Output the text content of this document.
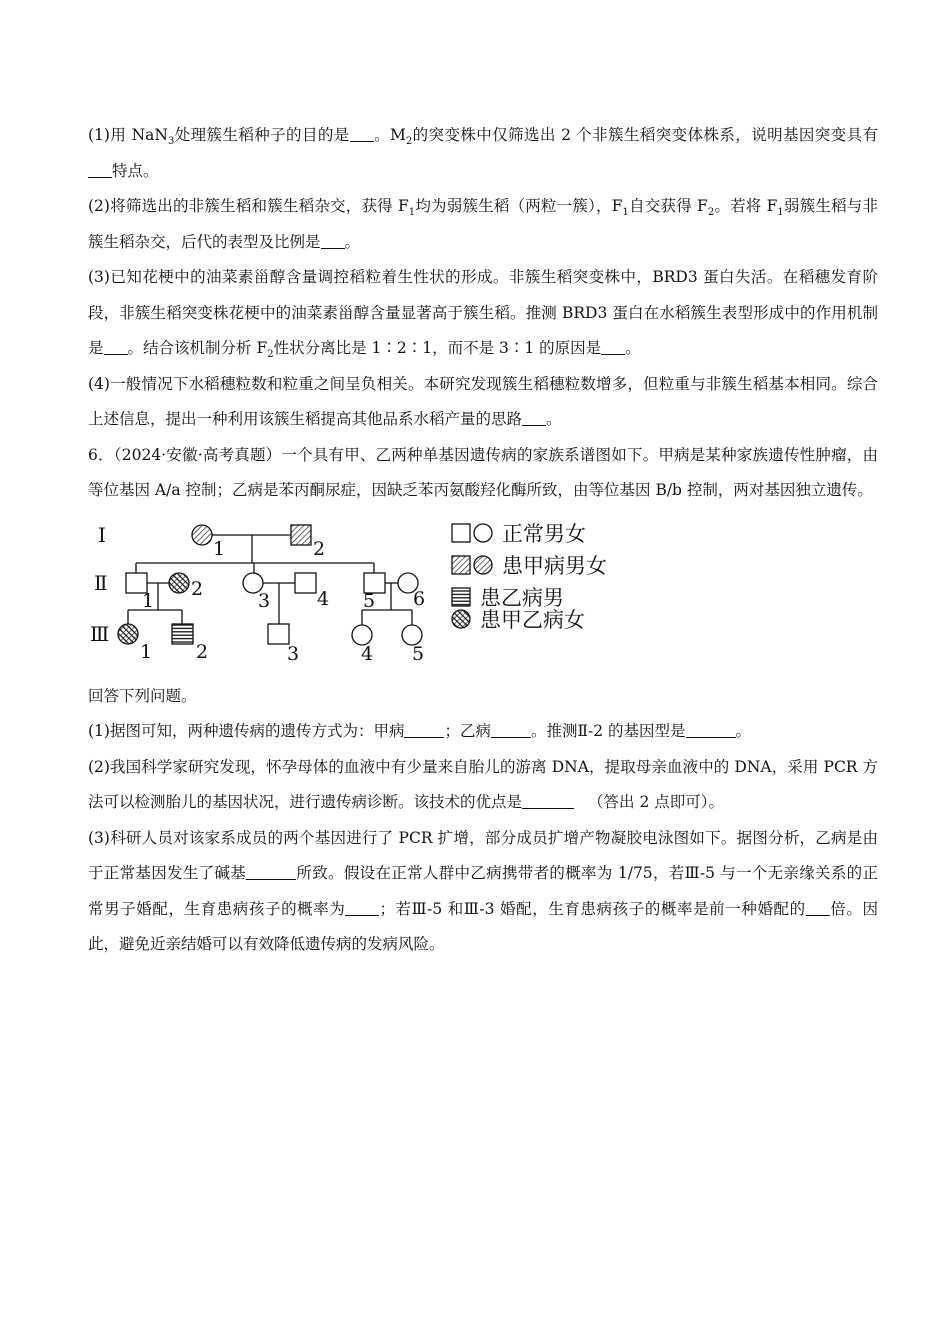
(1)用 NaN$_3$处理簇生稻种子的目的是 。$M_2$的突变株中仅筛选出 2 个非簇生稻突变体株系，说明基因突变具有特点。

(2)将筛选出的非簇生稻和簇生稻杂交，获得 $F_1$均为弱簇生稻（两粒一簇），$F_1$自交获得 $F_2$。若将 $F_1$弱簇生稻与非簇生稻杂交，后代的表型及比例是 。

(3)已知花梗中的油菜素甾醇含量调控稻粒着生性状的形成。非簇生稻突变株中，BRD3 蛋白失活。在稻穗发育阶段，非簇生稻突变株花梗中的油菜素甾醇含量显著高于簇生稻。推测 BRD3 蛋白在水稻簇生表型形成中的作用机制是 。结合该机制分析 $F_2$性状分离比是 1∶2∶1，而不是 3∶1 的原因是 。

(4)一般情况下水稻穗粒数和粒重之间呈负相关。本研究发现簇生稻穗粒数增多，但粒重与非簇生稻基本相同。综合上述信息，提出一种利用该簇生稻提高其他品系水稻产量的思路 。

6．（2024·安徽·高考真题）一个具有甲、乙两种单基因遗传病的家族系谱图如下。甲病是某种家族遗传性肿瘤，由等位基因 A/a 控制；乙病是苯丙酮尿症，因缺乏苯丙氨酸羟化酶所致，由等位基因 B/b 控制，两对基因独立遗传。

I
Ⅱ
Ⅲ
1	2
1
2
3 4 5 6
1 2	3	4 5
正常男女
患甲病男女
患乙病男
患甲乙病女

回答下列问题。

(1)据图可知，两种遗传病的遗传方式为：甲病	；乙病	。推测Ⅱ-2 的基因型是	。

(2)我国科学家研究发现，怀孕母体的血液中有少量来自胎儿的游离 DNA，提取母亲血液中的 DNA，采用 PCR 方法可以检测胎儿的基因状况，进行遗传病诊断。该技术的优点是	（答出 2 点即可）。

(3)科研人员对该家系成员的两个基因进行了 PCR 扩增，部分成员扩增产物凝胶电泳图如下。据图分析，乙病是由于正常基因发生了碱基	所致。假设在正常人群中乙病携带者的概率为 1/75，若Ⅲ-5 与一个无亲缘关系的正常男子婚配，生育患病孩子的概率为 ；若Ⅲ-5 和Ⅲ-3 婚配，生育患病孩子的概率是前一种婚配的 倍。因此，避免近亲结婚可以有效降低遗传病的发病风险。
